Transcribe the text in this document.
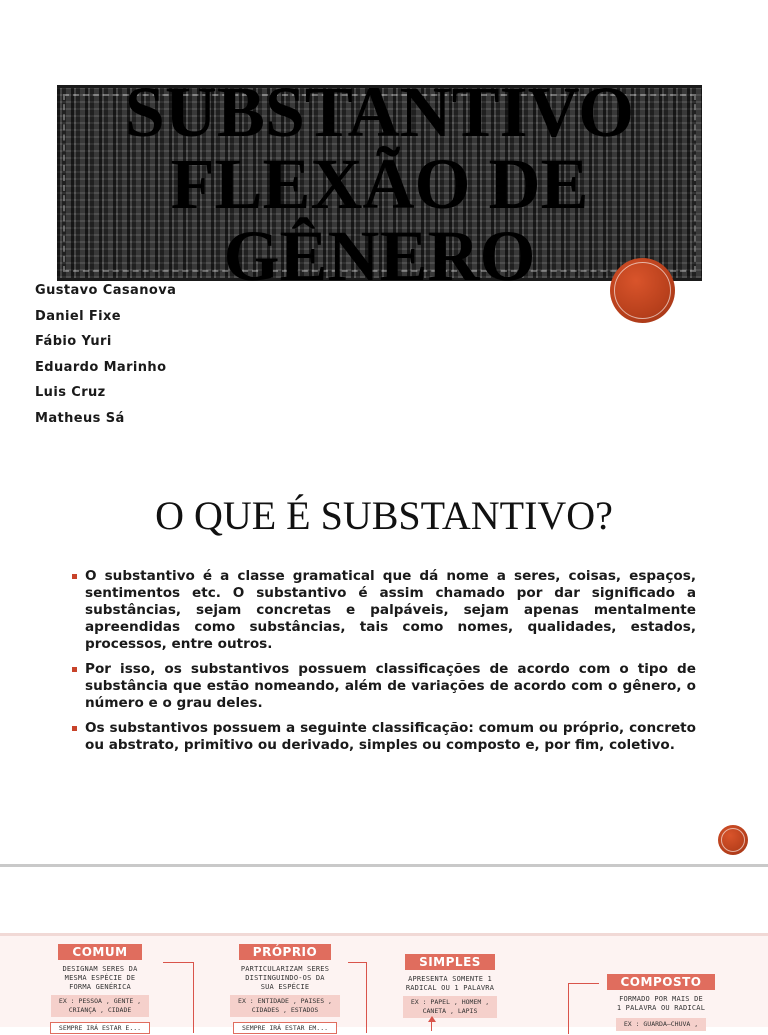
SUBSTANTIVO
FLEXÃO DE
GÊNERO
Gustavo Casanova
Daniel Fixe
Fábio Yuri
Eduardo Marinho
Luis Cruz
Matheus Sá
O QUE É SUBSTANTIVO?
O substantivo é a classe gramatical que dá nome a seres, coisas, espaços, sentimentos etc. O substantivo é assim chamado por dar significado a substâncias, sejam concretas e palpáveis, sejam apenas mentalmente apreendidas como substâncias, tais como nomes, qualidades, estados, processos, entre outros.
Por isso, os substantivos possuem classificações de acordo com o tipo de substância que estão nomeando, além de variações de acordo com o gênero, o número e o grau deles.
Os substantivos possuem a seguinte classificação: comum ou próprio, concreto ou abstrato, primitivo ou derivado, simples ou composto e, por fim, coletivo.
COMUM
DESIGNAM SERES DA
MESMA ESPÉCIE DE
FORMA GENÉRICA
EX : PESSOA , GENTE ,
CRIANÇA , CIDADE
SEMPRE IRÁ ESTAR E...
PRÓPRIO
PARTICULARIZAM SERES
DISTINGUINDO-OS DA
SUA ESPÉCIE
EX : ENTIDADE , PAISES ,
CIDADES , ESTADOS
SEMPRE IRÁ ESTAR EM...
SIMPLES
APRESENTA SOMENTE 1
RADICAL OU 1 PALAVRA
EX : PAPEL , HOMEM ,
CANETA , LAPIS
COMPOSTO
FORMADO POR MAIS DE
1 PALAVRA OU RADICAL
EX : GUARDA—CHUVA ,
